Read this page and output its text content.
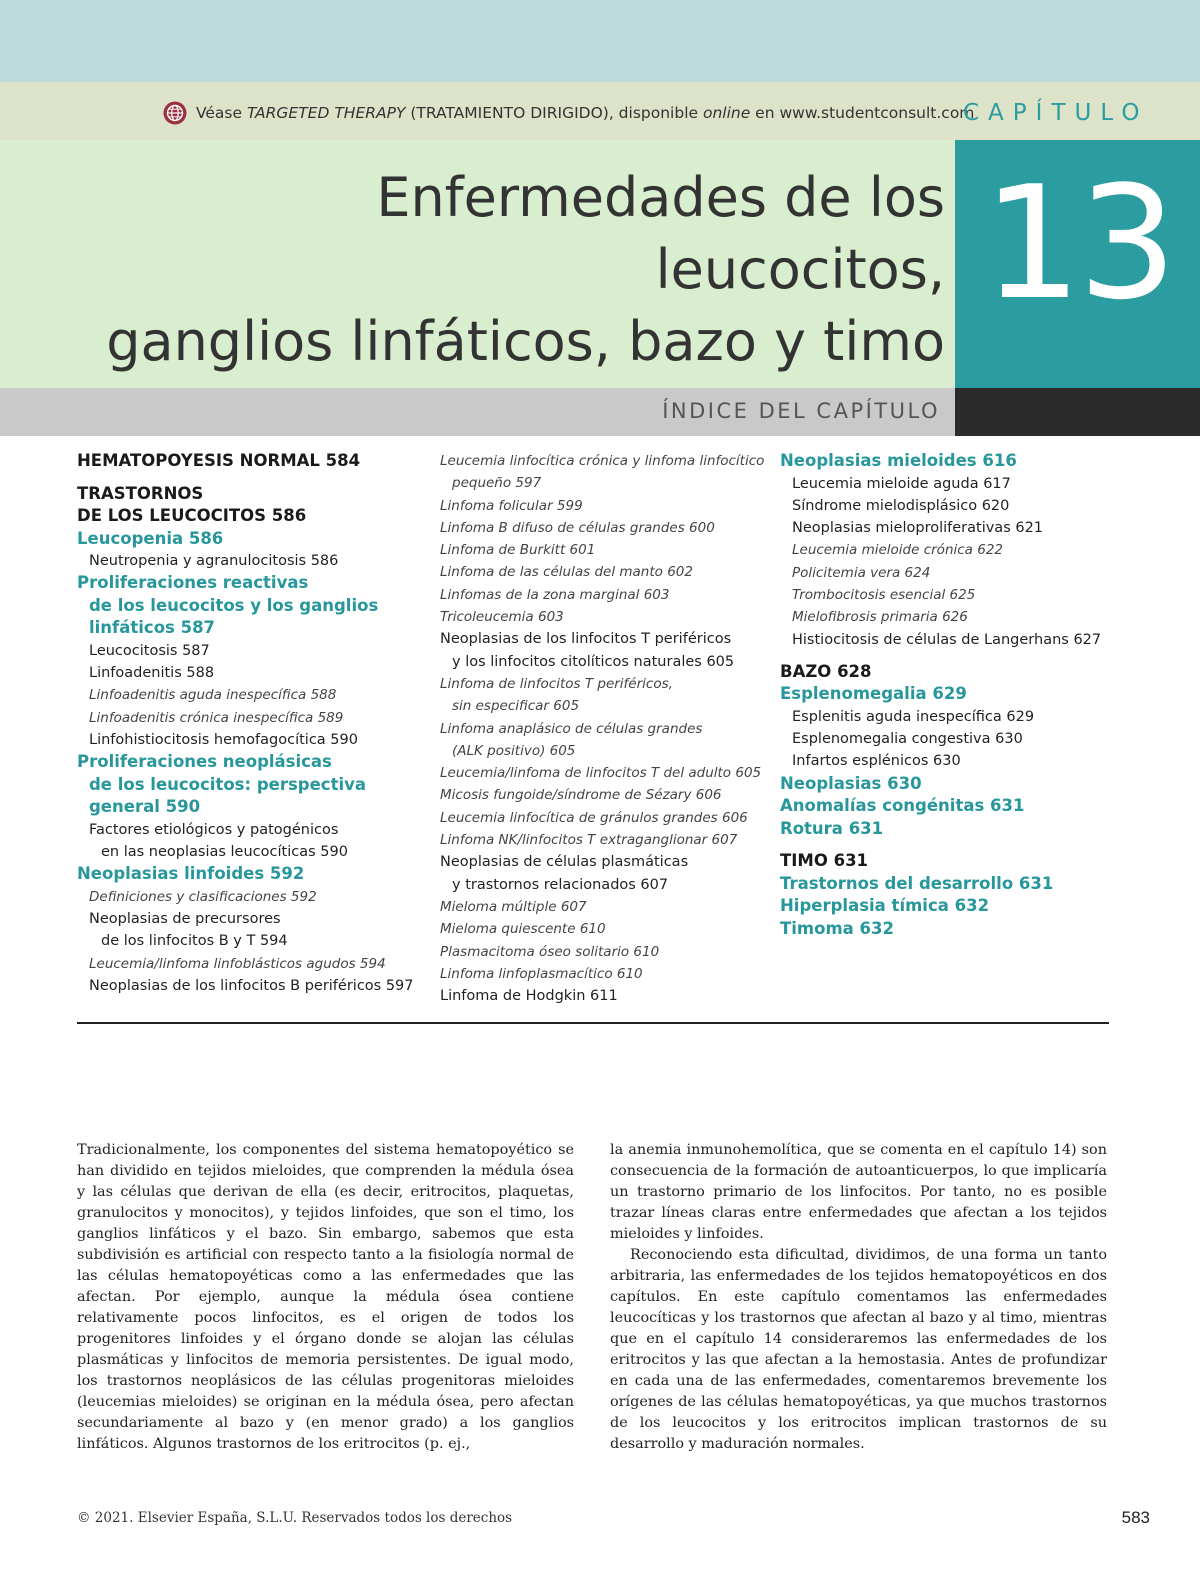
Véase TARGETED THERAPY (TRATAMIENTO DIRIGIDO), disponible online en www.studentconsult.com
CAPÍTULO
Enfermedades de los leucocitos,
ganglios linfáticos, bazo y timo
13
ÍNDICE DEL CAPÍTULO
HEMATOPOYESIS NORMAL 584
TRASTORNOS
DE LOS LEUCOCITOS 586
Leucopenia 586
Neutropenia y agranulocitosis 586
Proliferaciones reactivas
de los leucocitos y los ganglios
linfáticos 587
Leucocitosis 587
Linfoadenitis 588
Linfoadenitis aguda inespecífica 588
Linfoadenitis crónica inespecífica 589
Linfohistiocitosis hemofagocítica 590
Proliferaciones neoplásicas
de los leucocitos: perspectiva
general 590
Factores etiológicos y patogénicos
en las neoplasias leucocíticas 590
Neoplasias linfoides 592
Definiciones y clasificaciones 592
Neoplasias de precursores
de los linfocitos B y T 594
Leucemia/linfoma linfoblásticos agudos 594
Neoplasias de los linfocitos B periféricos 597
Leucemia linfocítica crónica y linfoma linfocítico
pequeño 597
Linfoma folicular 599
Linfoma B difuso de células grandes 600
Linfoma de Burkitt 601
Linfoma de las células del manto 602
Linfomas de la zona marginal 603
Tricoleucemia 603
Neoplasias de los linfocitos T periféricos
y los linfocitos citolíticos naturales 605
Linfoma de linfocitos T periféricos,
sin especificar 605
Linfoma anaplásico de células grandes
(ALK positivo) 605
Leucemia/linfoma de linfocitos T del adulto 605
Micosis fungoide/síndrome de Sézary 606
Leucemia linfocítica de gránulos grandes 606
Linfoma NK/linfocitos T extraganglionar 607
Neoplasias de células plasmáticas
y trastornos relacionados 607
Mieloma múltiple 607
Mieloma quiescente 610
Plasmacitoma óseo solitario 610
Linfoma linfoplasmacítico 610
Linfoma de Hodgkin 611
Neoplasias mieloides 616
Leucemia mieloide aguda 617
Síndrome mielodisplásico 620
Neoplasias mieloproliferativas 621
Leucemia mieloide crónica 622
Policitemia vera 624
Trombocitosis esencial 625
Mielofibrosis primaria 626
Histiocitosis de células de Langerhans 627
BAZO 628
Esplenomegalia 629
Esplenitis aguda inespecífica 629
Esplenomegalia congestiva 630
Infartos esplénicos 630
Neoplasias 630
Anomalías congénitas 631
Rotura 631
TIMO 631
Trastornos del desarrollo 631
Hiperplasia tímica 632
Timoma 632

Tradicionalmente, los componentes del sistema hematopoyético se han dividido en tejidos mieloides, que comprenden la médula ósea y las células que derivan de ella (es decir, eritrocitos, plaquetas, granulocitos y monocitos), y tejidos linfoides, que son el timo, los ganglios linfáticos y el bazo. Sin embargo, sabemos que esta subdivisión es artificial con respecto tanto a la fisiología normal de las células hematopoyéticas como a las enfermedades que las afectan. Por ejemplo, aunque la médula ósea contiene relativamente pocos linfocitos, es el origen de todos los progenitores linfoides y el órgano donde se alojan las células plasmáticas y linfocitos de memoria persistentes. De igual modo, los trastornos neoplásicos de las células progenitoras mieloides (leucemias mieloides) se originan en la médula ósea, pero afectan secundariamente al bazo y (en menor grado) a los ganglios linfáticos. Algunos trastornos de los eritrocitos (p. ej.,

la anemia inmunohemolítica, que se comenta en el capítulo 14) son consecuencia de la formación de autoanticuerpos, lo que implicaría un trastorno primario de los linfocitos. Por tanto, no es posible trazar líneas claras entre enfermedades que afectan a los tejidos mieloides y linfoides.

Reconociendo esta dificultad, dividimos, de una forma un tanto arbitraria, las enfermedades de los tejidos hematopoyéticos en dos capítulos. En este capítulo comentamos las enfermedades leucocíticas y los trastornos que afectan al bazo y al timo, mientras que en el capítulo 14 consideraremos las enfermedades de los eritrocitos y las que afectan a la hemostasia. Antes de profundizar en cada una de las enfermedades, comentaremos brevemente los orígenes de las células hematopoyéticas, ya que muchos trastornos de los leucocitos y los eritrocitos implican trastornos de su desarrollo y maduración normales.

© 2021. Elsevier España, S.L.U. Reservados todos los derechos	583
